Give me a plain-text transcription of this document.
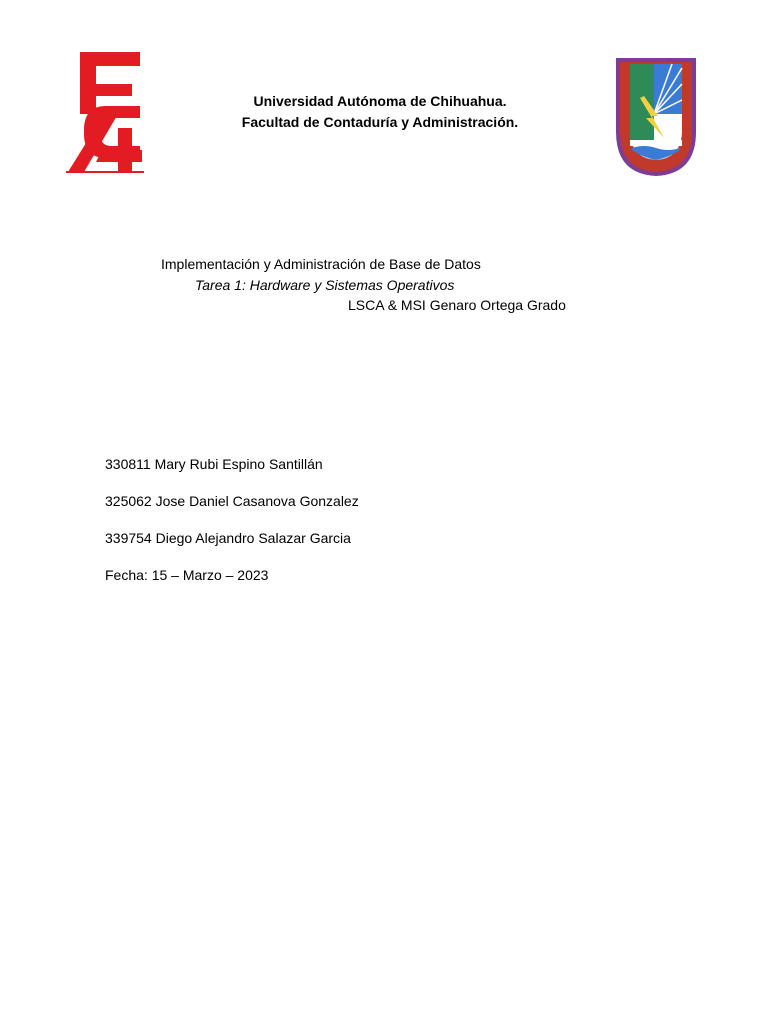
Universidad Autónoma de Chihuahua.
Facultad de Contaduría y Administración.
Implementación y Administración de Base de Datos
Tarea 1: Hardware y Sistemas Operativos
LSCA & MSI Genaro Ortega Grado
330811 Mary Rubi Espino Santillán
325062 Jose Daniel Casanova Gonzalez
339754 Diego Alejandro Salazar Garcia
Fecha: 15 – Marzo – 2023
